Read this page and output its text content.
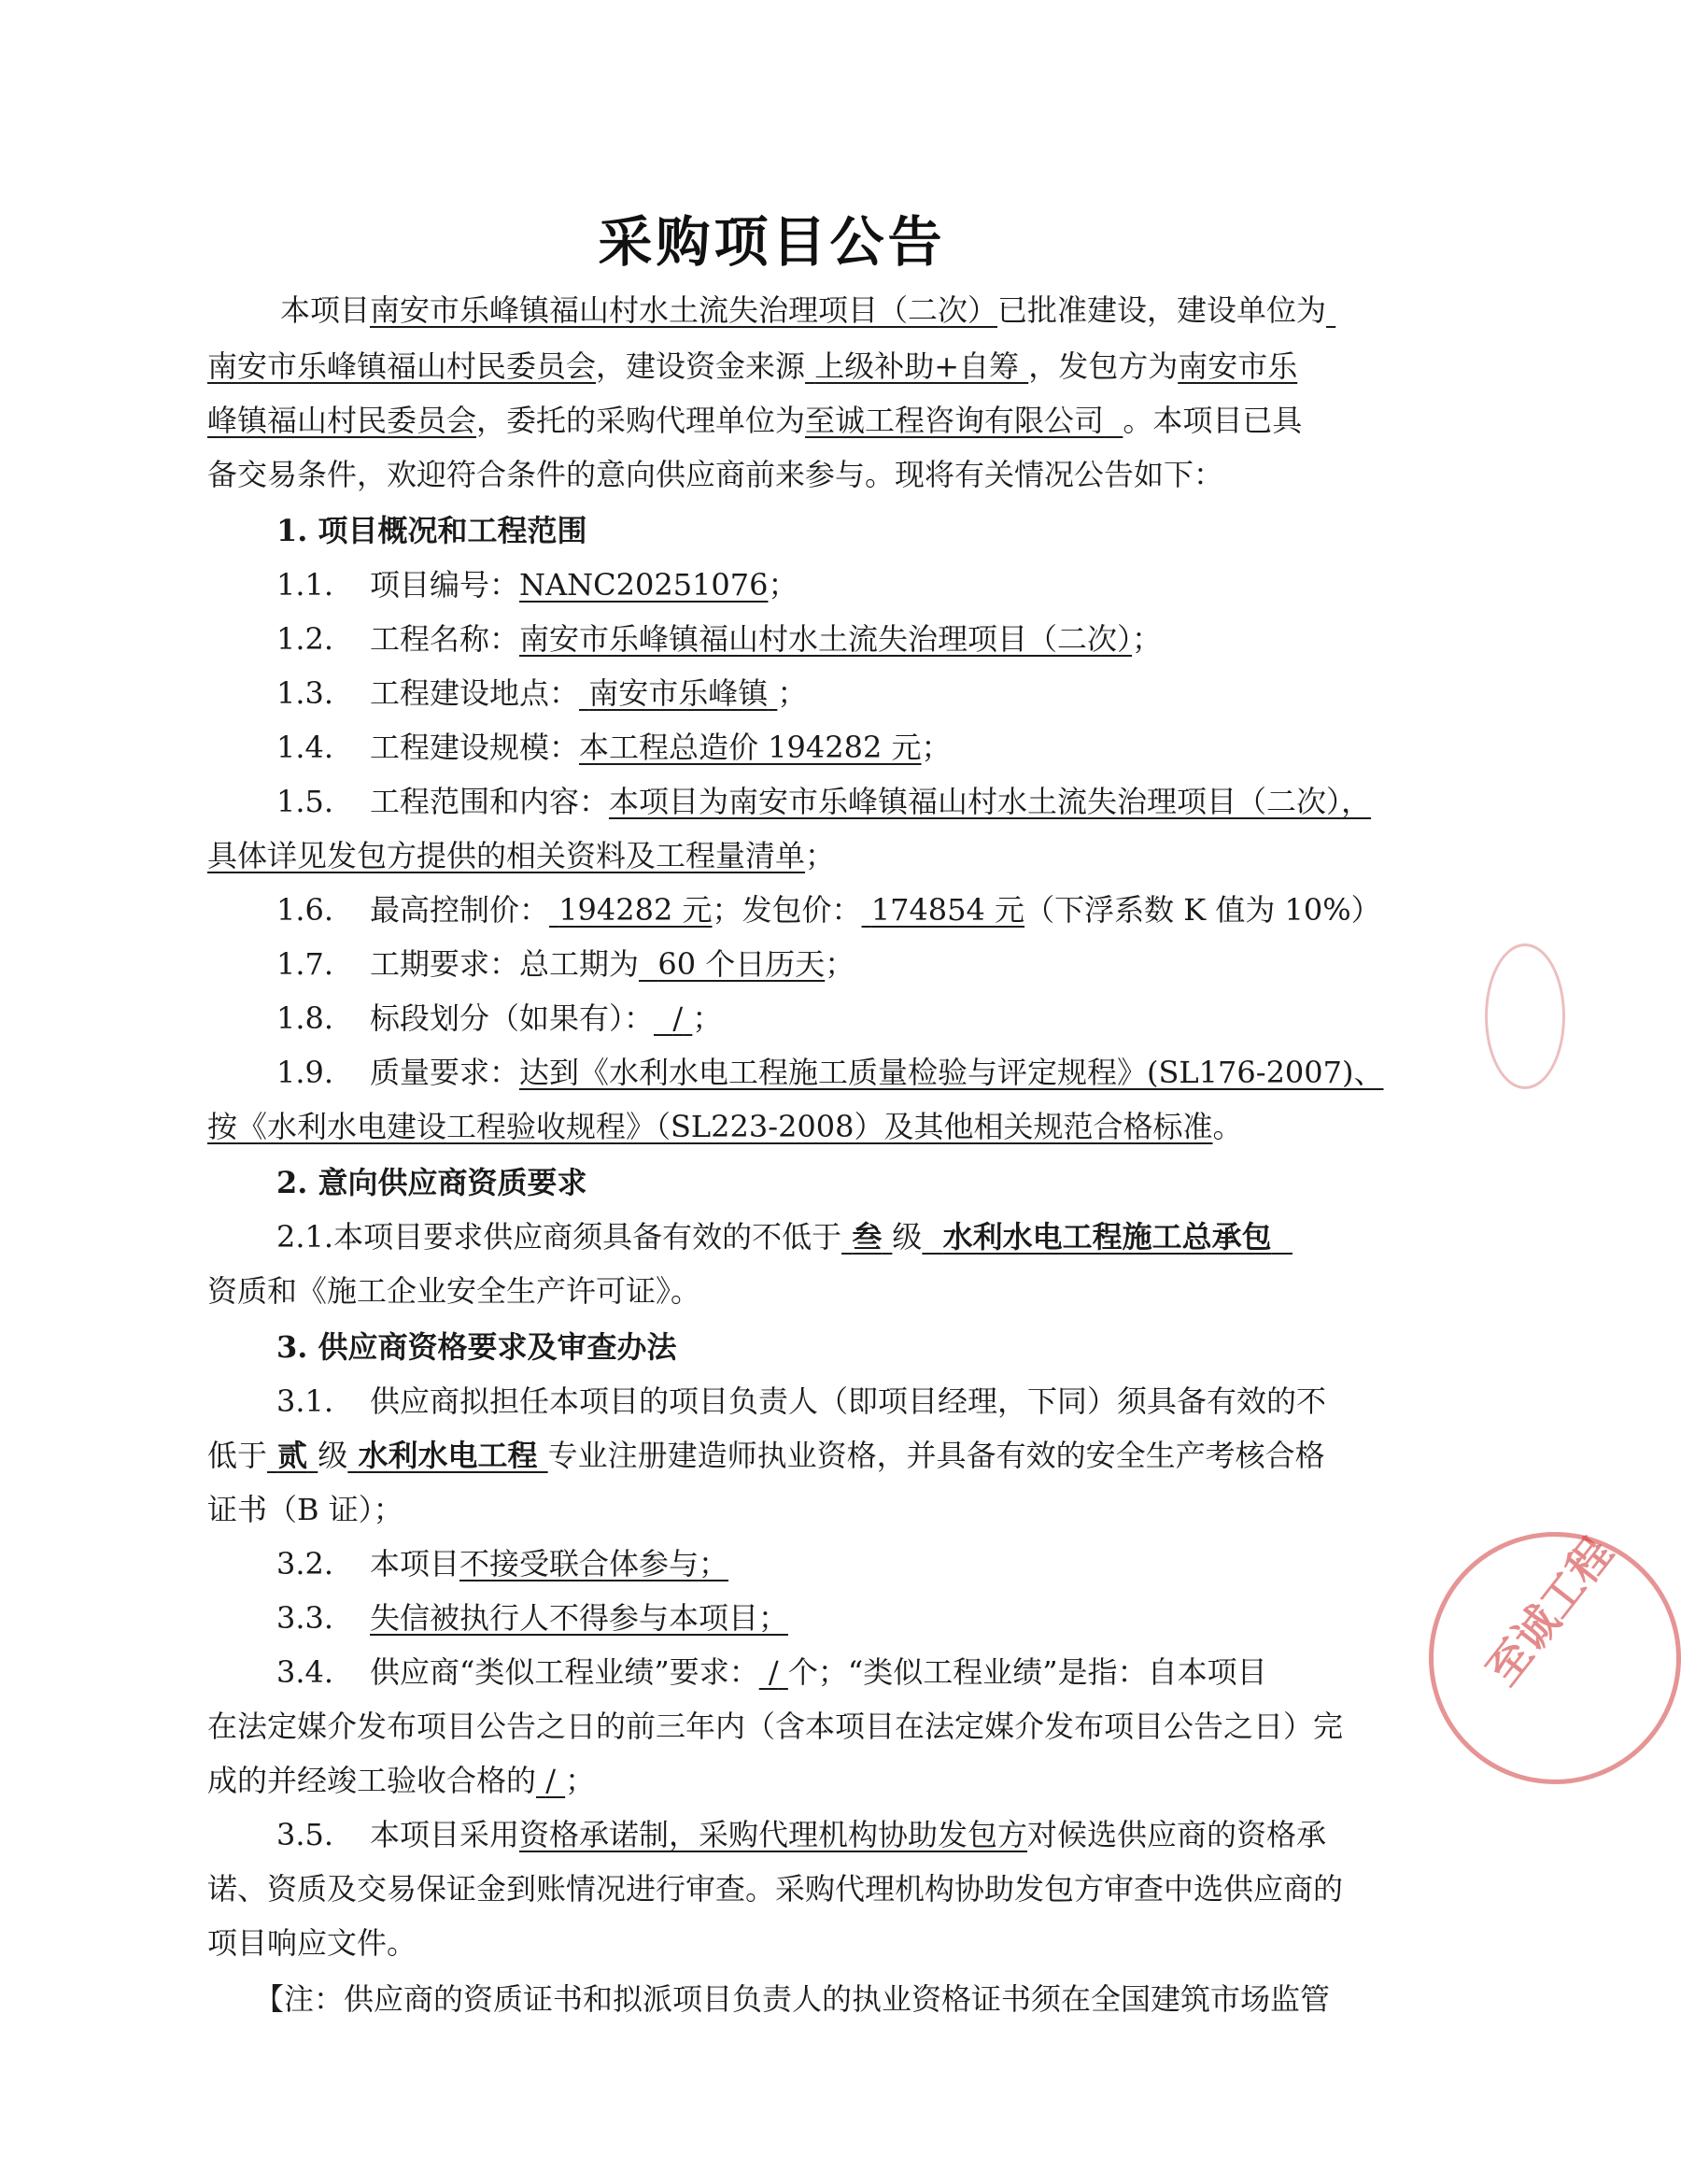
采购项目公告
本项目南安市乐峰镇福山村水土流失治理项目（二次）已批准建设，建设单位为
南安市乐峰镇福山村民委员会，建设资金来源 上级补助+自筹 ，发包方为南安市乐
峰镇福山村民委员会，委托的采购代理单位为至诚工程咨询有限公司 。本项目已具
备交易条件，欢迎符合条件的意向供应商前来参与。现将有关情况公告如下：
1. 项目概况和工程范围
1.1. 项目编号：NANC20251076；
1.2. 工程名称：南安市乐峰镇福山村水土流失治理项目（二次）；
1.3. 工程建设地点： 南安市乐峰镇 ；
1.4. 工程建设规模：本工程总造价 194282 元；
1.5. 工程范围和内容：本项目为南安市乐峰镇福山村水土流失治理项目（二次），
具体详见发包方提供的相关资料及工程量清单；
1.6. 最高控制价： 194282 元；发包价： 174854 元（下浮系数 K 值为 10%）
1.7. 工期要求：总工期为 60 个日历天；
1.8. 标段划分（如果有）： / ；
1.9. 质量要求：达到《水利水电工程施工质量检验与评定规程》(SL176-2007)、
按《水利水电建设工程验收规程》（SL223-2008）及其他相关规范合格标准。
2. 意向供应商资质要求
2.1.本项目要求供应商须具备有效的不低于 叁 级 水利水电工程施工总承包
资质和《施工企业安全生产许可证》。
3. 供应商资格要求及审查办法
3.1. 供应商拟担任本项目的项目负责人（即项目经理，下同）须具备有效的不
低于 贰 级 水利水电工程 专业注册建造师执业资格，并具备有效的安全生产考核合格
证书（B 证）；
3.2. 本项目不接受联合体参与；
3.3. 失信被执行人不得参与本项目；
3.4. 供应商“类似工程业绩”要求： / 个；“类似工程业绩”是指：自本项目
在法定媒介发布项目公告之日的前三年内（含本项目在法定媒介发布项目公告之日）完
成的并经竣工验收合格的 / ；
3.5. 本项目采用资格承诺制，采购代理机构协助发包方对候选供应商的资格承
诺、资质及交易保证金到账情况进行审查。采购代理机构协助发包方审查中选供应商的
项目响应文件。
【注：供应商的资质证书和拟派项目负责人的执业资格证书须在全国建筑市场监管
至诚工程
